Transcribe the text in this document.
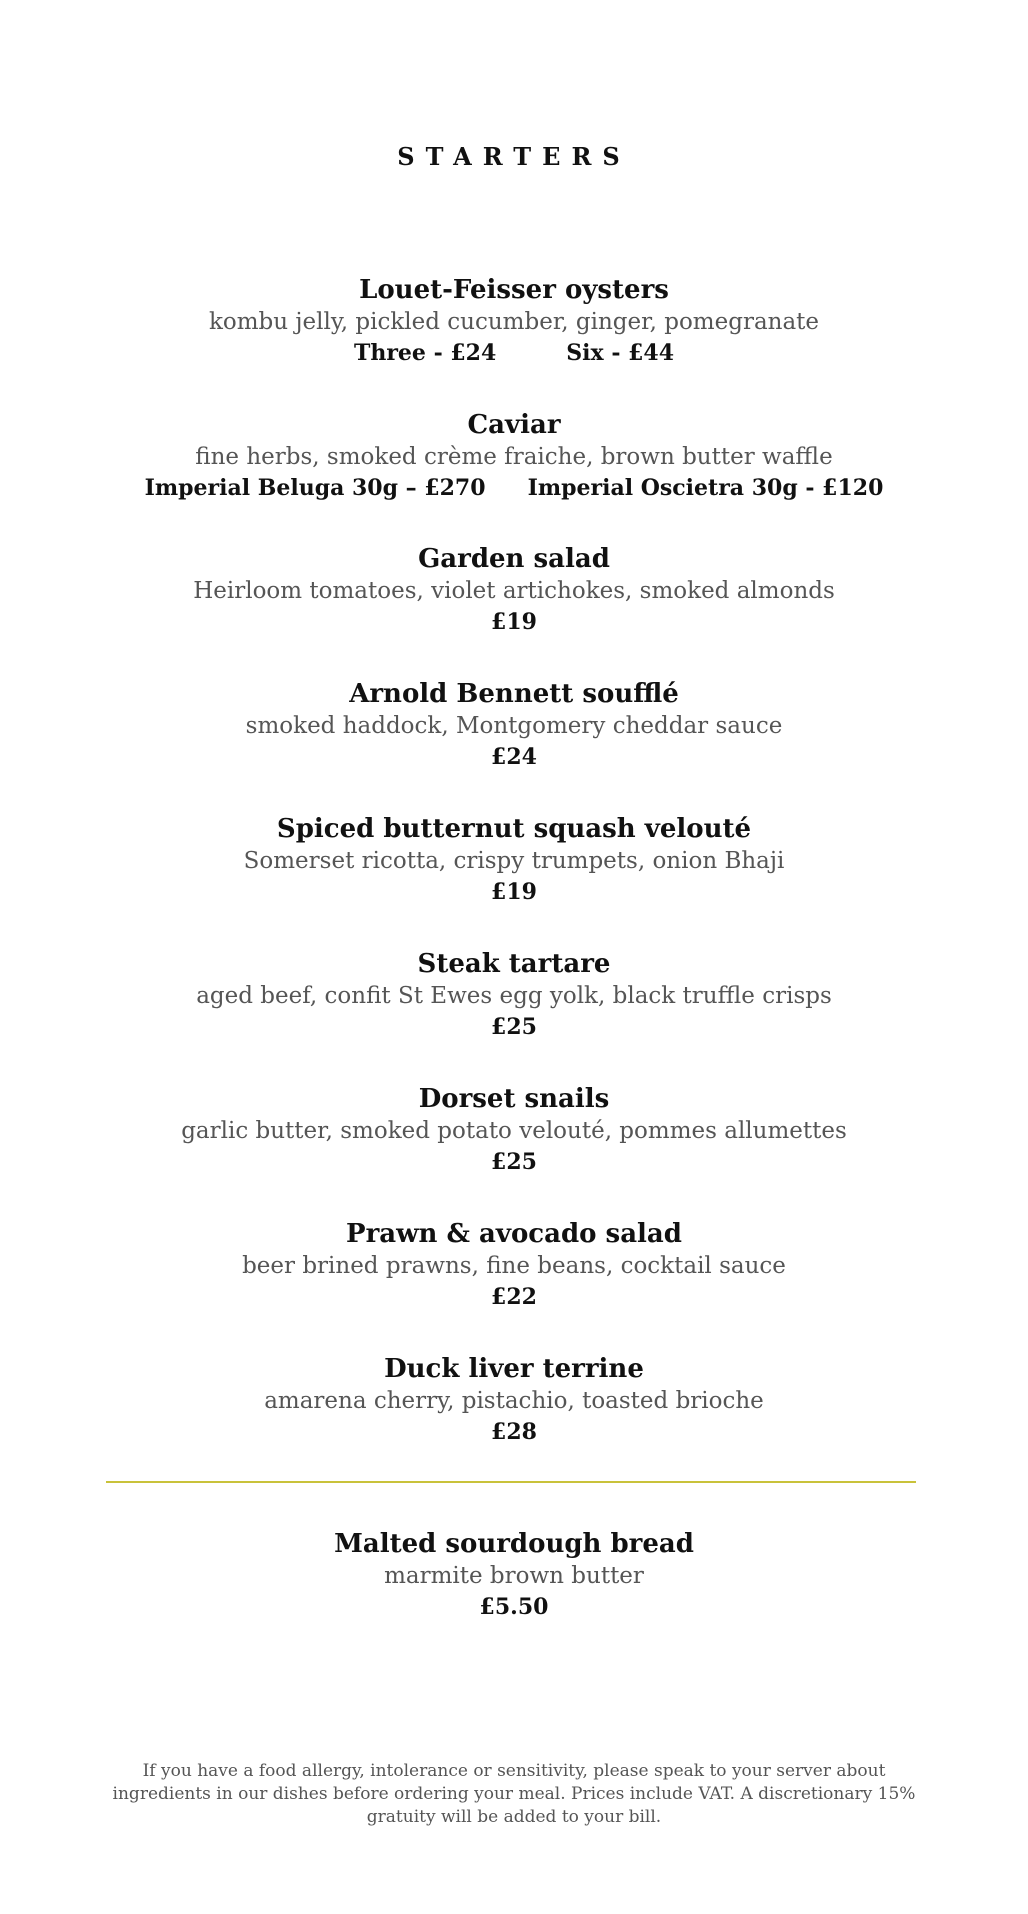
STARTERS
Louet-Feisser oysters
kombu jelly, pickled cucumber, ginger, pomegranate
Three - £24	Six - £44
Caviar
fine herbs, smoked crème fraiche, brown butter waffle
Imperial Beluga 30g – £270 Imperial Oscietra 30g - £120
Garden salad
Heirloom tomatoes, violet artichokes, smoked almonds
£19
Arnold Bennett soufflé
smoked haddock, Montgomery cheddar sauce
£24
Spiced butternut squash velouté
Somerset ricotta, crispy trumpets, onion Bhaji
£19
Steak tartare
aged beef, confit St Ewes egg yolk, black truffle crisps
£25
Dorset snails
garlic butter, smoked potato velouté, pommes allumettes
£25
Prawn & avocado salad
beer brined prawns, fine beans, cocktail sauce
£22
Duck liver terrine
amarena cherry, pistachio, toasted brioche
£28
Malted sourdough bread
marmite brown butter
£5.50
If you have a food allergy, intolerance or sensitivity, please speak to your server about ingredients in our dishes before ordering your meal. Prices include VAT. A discretionary 15% gratuity will be added to your bill.
